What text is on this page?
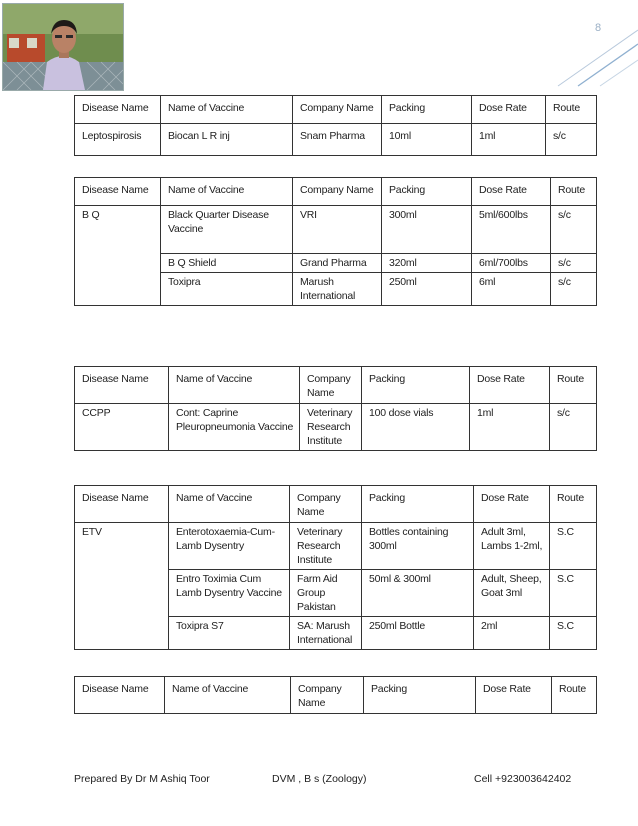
8
Disease Name	Name of Vaccine	Company Name	Packing	Dose Rate	Route
Leptospirosis	Biocan L R inj	Snam Pharma	10ml	1ml	s/c
Disease Name	Name of Vaccine	Company Name	Packing	Dose Rate	Route
B Q	Black Quarter Disease Vaccine	VRI	300ml	5ml/600lbs	s/c
	B Q Shield	Grand Pharma	320ml	6ml/700lbs	s/c
	Toxipra	Marush International	250ml	6ml	s/c
Disease Name	Name of Vaccine	Company Name	Packing	Dose Rate	Route
CCPP	Cont: Caprine Pleuropneumonia Vaccine	Veterinary Research Institute	100 dose vials	1ml	s/c
Disease Name	Name of Vaccine	Company Name	Packing	Dose Rate	Route
ETV	Enterotoxaemia-Cum-Lamb Dysentry	Veterinary Research Institute	Bottles containing 300ml	Adult 3ml, Lambs 1-2ml,	S.C
	Entro Toximia Cum Lamb Dysentry Vaccine	Farm Aid Group Pakistan	50ml & 300ml	Adult, Sheep, Goat 3ml	S.C
	Toxipra S7	SA: Marush International	250ml Bottle	2ml	S.C
Disease Name	Name of Vaccine	Company Name	Packing	Dose Rate	Route
Prepared By Dr M Ashiq Toor	DVM , B s (Zoology)	Cell +923003642402
